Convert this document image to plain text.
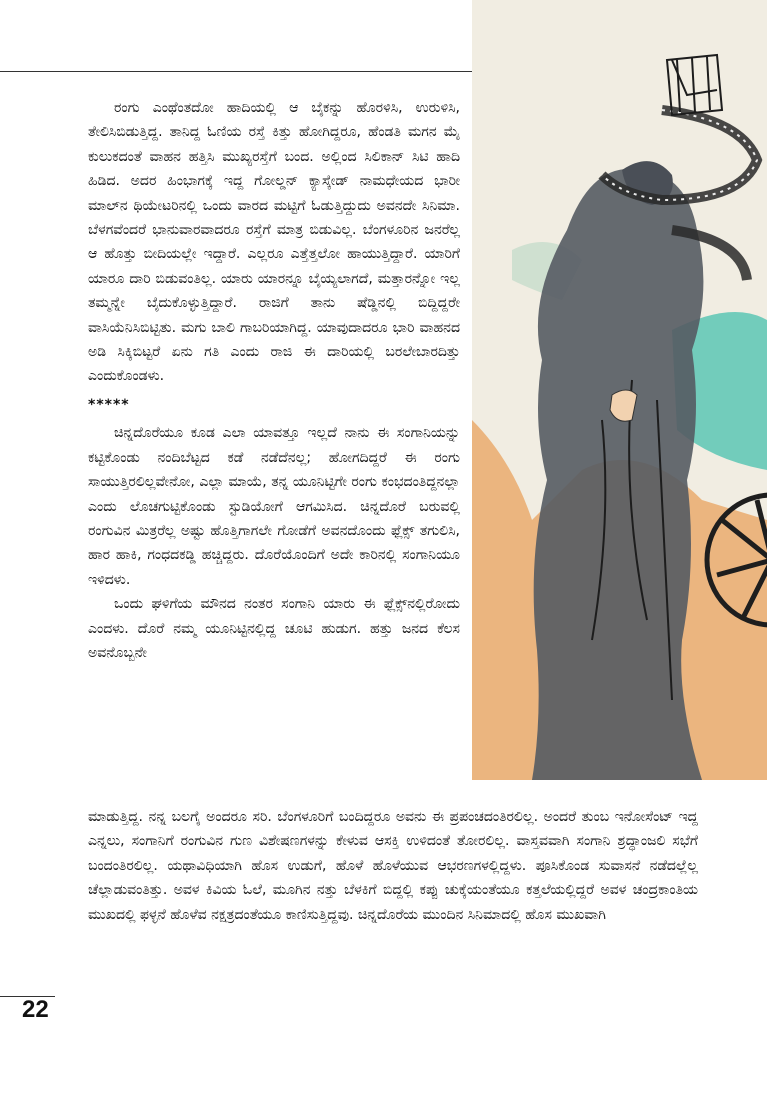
ರಂಗು ಎಂಥೆಂತದೋ ಹಾದಿಯಲ್ಲಿ ಆ ಬೈಕನ್ನು ಹೊರಳಿಸಿ, ಉರುಳಿಸಿ, ತೇಲಿಸಿಬಿಡುತ್ತಿದ್ದ. ತಾನಿದ್ದ ಓಣಿಯ ರಸ್ತೆ ಕಿತ್ತು ಹೋಗಿದ್ದರೂ, ಹೆಂಡತಿ ಮಗನ ಮೈ ಕುಲುಕದಂತೆ ವಾಹನ ಹತ್ತಿಸಿ ಮುಖ್ಯರಸ್ತೆಗೆ ಬಂದ. ಅಲ್ಲಿಂದ ಸಿಲಿಕಾನ್ ಸಿಟಿ ಹಾದಿ ಹಿಡಿದ. ಅದರ ಹಿಂಭಾಗಕ್ಕೆ ಇದ್ದ ಗೋಲ್ಡನ್ ಕ್ಯಾಸ್ಕೇಡ್ ನಾಮಧೇಯದ ಭಾರೀ ಮಾಲ್‌ನ ಥಿಯೇಟರಿನಲ್ಲಿ ಒಂದು ವಾರದ ಮಟ್ಟಿಗೆ ಓಡುತ್ತಿದ್ದುದು ಅವನದೇ ಸಿನಿಮಾ. ಬೆಳಗವೆಂದರೆ ಭಾನುವಾರವಾದರೂ ರಸ್ತೆಗೆ ಮಾತ್ರ ಬಿಡುವಿಲ್ಲ. ಬೆಂಗಳೂರಿನ ಜನರೆಲ್ಲ ಆ ಹೊತ್ತು ಬೀದಿಯಲ್ಲೇ ಇದ್ದಾರೆ. ಎಲ್ಲರೂ ಎತ್ತೆತ್ತಲೋ ಹಾಯುತ್ತಿದ್ದಾರೆ. ಯಾರಿಗೆ ಯಾರೂ ದಾರಿ ಬಿಡುವಂತಿಲ್ಲ. ಯಾರು ಯಾರನ್ನೂ ಬೈಯ್ಯಲಾಗದೆ, ಮತ್ತಾರನ್ನೋ ಇಲ್ಲ ತಮ್ಮನ್ನೇ ಬೈದುಕೊಳ್ಳುತ್ತಿದ್ದಾರೆ. ರಾಜಿಗೆ ತಾನು ಷೆಡ್ಡಿನಲ್ಲಿ ಬಿದ್ದಿದ್ದರೇ ವಾಸಿಯೆನಿಸಿಬಿಟ್ಟಿತು. ಮಗು ಬಾಲಿ ಗಾಬರಿಯಾಗಿದ್ದ. ಯಾವುದಾದರೂ ಭಾರಿ ವಾಹನದ ಅಡಿ ಸಿಕ್ಕಿಬಿಟ್ಟರೆ ಏನು ಗತಿ ಎಂದು ರಾಜಿ ಈ ದಾರಿಯಲ್ಲಿ ಬರಲೇಬಾರದಿತ್ತು ಎಂದುಕೊಂಡಳು.

*****

ಚಿನ್ನದೊರೆಯೂ ಕೂಡ ಎಲಾ ಯಾವತ್ತೂ ಇಲ್ಲದೆ ನಾನು ಈ ಸಂಗಾನಿಯನ್ನು ಕಟ್ಟಿಕೊಂಡು ನಂದಿಬೆಟ್ಟದ ಕಡೆ ನಡೆದೆನಲ್ಲ; ಹೋಗದಿದ್ದರೆ ಈ ರಂಗು ಸಾಯುತ್ತಿರಲಿಲ್ಲವೇನೋ, ಎಲ್ಲಾ ಮಾಯೆ, ತನ್ನ ಯೂನಿಟ್ಟಿಗೇ ರಂಗು ಕಂಭದಂತಿದ್ದನಲ್ಲಾ ಎಂದು ಲೊಚಗುಟ್ಟಿಕೊಂಡು ಸ್ಟುಡಿಯೋಗೆ ಆಗಮಿಸಿದ. ಚಿನ್ನದೊರೆ ಬರುವಲ್ಲಿ ರಂಗುವಿನ ಮಿತ್ರರೆಲ್ಲ ಅಷ್ಟು ಹೊತ್ತಿಗಾಗಲೇ ಗೋಡೆಗೆ ಅವನದೊಂದು ಫ್ಲೆಕ್ಸ್ ತಗುಲಿಸಿ, ಹಾರ ಹಾಕಿ, ಗಂಧದಕಡ್ಡಿ ಹಚ್ಚಿದ್ದರು. ದೊರೆಯೊಂದಿಗೆ ಅದೇ ಕಾರಿನಲ್ಲಿ ಸಂಗಾನಿಯೂ ಇಳಿದಳು.

ಒಂದು ಘಳಿಗೆಯ ಮೌನದ ನಂತರ ಸಂಗಾನಿ ಯಾರು ಈ ಫ್ಲೆಕ್ಸ್‌ನಲ್ಲಿರೋದು ಎಂದಳು. ದೊರೆ ನಮ್ಮ ಯೂನಿಟ್ಟಿನಲ್ಲಿದ್ದ ಚೂಟಿ ಹುಡುಗ. ಹತ್ತು ಜನದ ಕೆಲಸ ಅವನೊಬ್ಬನೇ

ಮಾಡುತ್ತಿದ್ದ. ನನ್ನ ಬಲಗೈ ಅಂದರೂ ಸರಿ. ಬೆಂಗಳೂರಿಗೆ ಬಂದಿದ್ದರೂ ಅವನು ಈ ಪ್ರಪಂಚದಂತಿರಲಿಲ್ಲ. ಅಂದರೆ ತುಂಬ ಇನೋಸೆಂಟ್ ಇದ್ದ ಎನ್ನಲು, ಸಂಗಾನಿಗೆ ರಂಗುವಿನ ಗುಣ ವಿಶೇಷಣಗಳನ್ನು ಕೇಳುವ ಆಸಕ್ತಿ ಉಳಿದಂತೆ ತೋರಲಿಲ್ಲ. ವಾಸ್ತವವಾಗಿ ಸಂಗಾನಿ ಶ್ರದ್ಧಾಂಜಲಿ ಸಭೆಗೆ ಬಂದಂತಿರಲಿಲ್ಲ. ಯಥಾವಿಧಿಯಾಗಿ ಹೊಸ ಉಡುಗೆ, ಹೊಳೆ ಹೊಳೆಯುವ ಆಭರಣಗಳಲ್ಲಿದ್ದಳು. ಪೂಸಿಕೊಂಡ ಸುವಾಸನೆ ನಡೆದಲ್ಲೆಲ್ಲ ಚೆಲ್ಲಾಡುವಂತಿತ್ತು. ಅವಳ ಕಿವಿಯ ಓಲೆ, ಮೂಗಿನ ನತ್ತು ಬೆಳಕಿಗೆ ಬಿದ್ದಲ್ಲಿ ಕಪ್ಪು ಚುಕ್ಕೆಯಂತೆಯೂ ಕತ್ತಲೆಯಲ್ಲಿದ್ದರೆ ಅವಳ ಚಂದ್ರಕಾಂತಿಯ ಮುಖದಲ್ಲಿ ಫಳ್ಳನೆ ಹೊಳೆವ ನಕ್ಷತ್ರದಂತೆಯೂ ಕಾಣಿಸುತ್ತಿದ್ದವು. ಚಿನ್ನದೊರೆಯ ಮುಂದಿನ ಸಿನಿಮಾದಲ್ಲಿ ಹೊಸ ಮುಖವಾಗಿ

22
